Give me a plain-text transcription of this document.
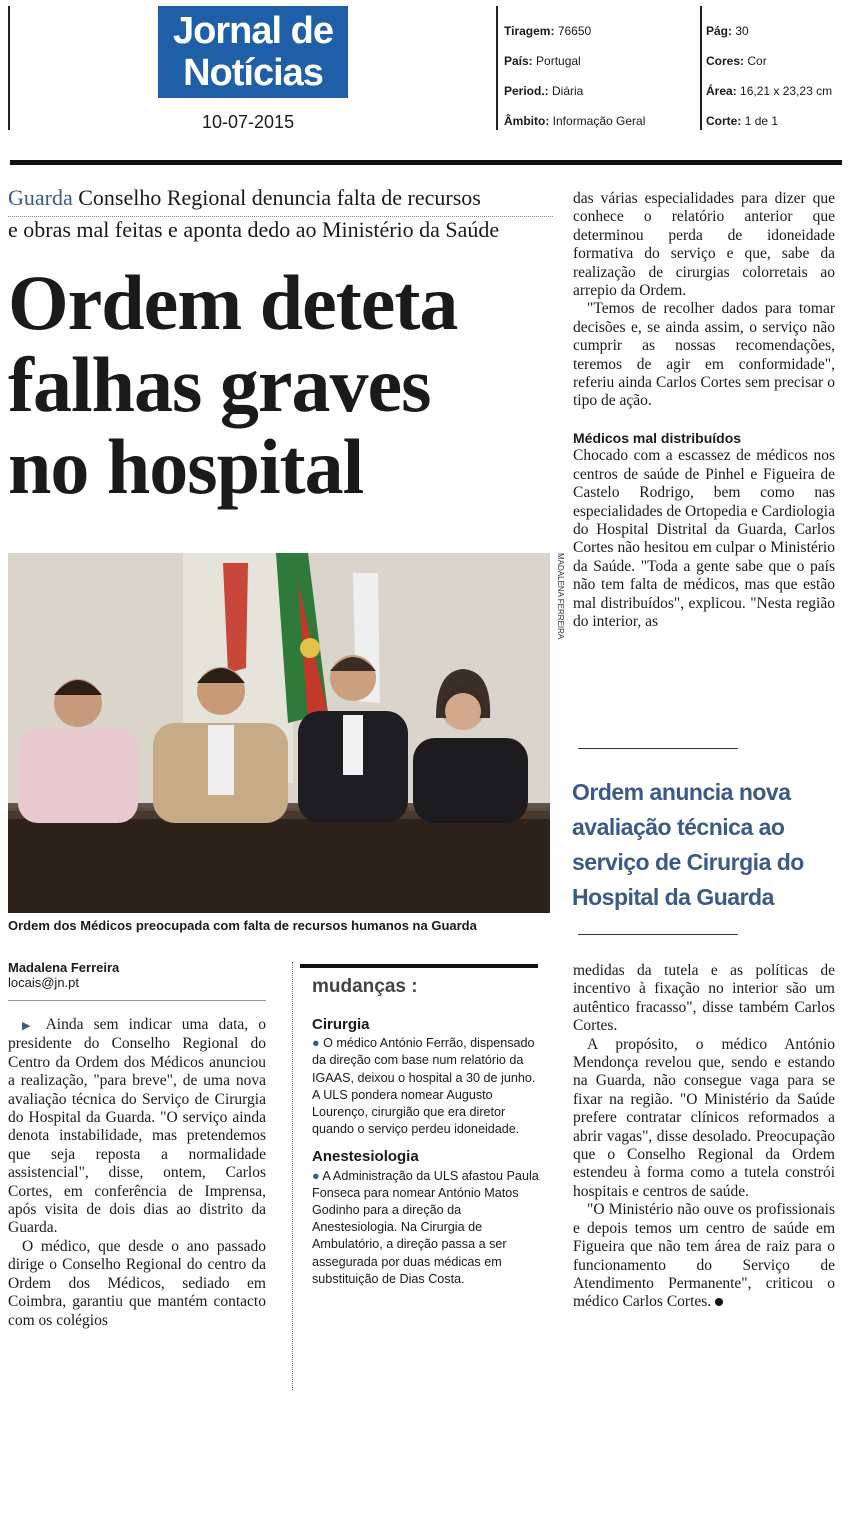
Jornal de
Notícias
10-07-2015
Tiragem: 76650
País: Portugal
Period.: Diária
Âmbito: Informação Geral
Pág: 30
Cores: Cor
Área: 16,21 x 23,23 cm
Corte: 1 de 1
Guarda Conselho Regional denuncia falta de recursos
e obras mal feitas e aponta dedo ao Ministério da Saúde
Ordem deteta
falhas graves
no hospital
MADALENA FERREIRA
Ordem dos Médicos preocupada com falta de recursos humanos na Guarda
Madalena Ferreira
locais@jn.pt

▶ Ainda sem indicar uma data, o presidente do Conselho Regional do Centro da Ordem dos Médicos anunciou a realização, "para breve", de uma nova avaliação técnica do Serviço de Cirurgia do Hospital da Guarda. "O serviço ainda denota instabilidade, mas pretendemos que seja reposta a normalidade assistencial", disse, ontem, Carlos Cortes, em conferência de Imprensa, após visita de dois dias ao distrito da Guarda.

O médico, que desde o ano passado dirige o Conselho Regional do centro da Ordem dos Médicos, sediado em Coimbra, garantiu que mantém contacto com os colégios

mudanças :
Cirurgia

● O médico António Ferrão, dispensado da direção com base num relatório da IGAAS, deixou o hospital a 30 de junho. A ULS pondera nomear Augusto Lourenço, cirurgião que era diretor quando o serviço perdeu idoneidade.

Anestesiologia

● A Administração da ULS afastou Paula Fonseca para nomear António Matos Godinho para a direção da Anestesiologia. Na Cirurgia de Ambulatório, a direção passa a ser assegurada por duas médicas em substituição de Dias Costa.

das várias especialidades para dizer que conhece o relatório anterior que determinou perda de idoneidade formativa do serviço e que, sabe da realização de cirurgias colorretais ao arrepio da Ordem.

"Temos de recolher dados para tomar decisões e, se ainda assim, o serviço não cumprir as nossas recomendações, teremos de agir em conformidade", referiu ainda Carlos Cortes sem precisar o tipo de ação.

Médicos mal distribuídos

Chocado com a escassez de médicos nos centros de saúde de Pinhel e Figueira de Castelo Rodrigo, bem como nas especialidades de Ortopedia e Cardiologia do Hospital Distrital da Guarda, Carlos Cortes não hesitou em culpar o Ministério da Saúde. "Toda a gente sabe que o país não tem falta de médicos, mas que estão mal distribuídos", explicou. "Nesta região do interior, as

Ordem anuncia nova avaliação técnica ao serviço de Cirurgia do Hospital da Guarda

medidas da tutela e as políticas de incentivo à fixação no interior são um autêntico fracasso", disse também Carlos Cortes.

A propósito, o médico António Mendonça revelou que, sendo e estando na Guarda, não consegue vaga para se fixar na região. "O Ministério da Saúde prefere contratar clínicos reformados a abrir vagas", disse desolado. Preocupação que o Conselho Regional da Ordem estendeu à forma como a tutela constrói hospitais e centros de saúde.

"O Ministério não ouve os profissionais e depois temos um centro de saúde em Figueira que não tem área de raiz para o funcionamento do Serviço de Atendimento Permanente", criticou o médico Carlos Cortes.
